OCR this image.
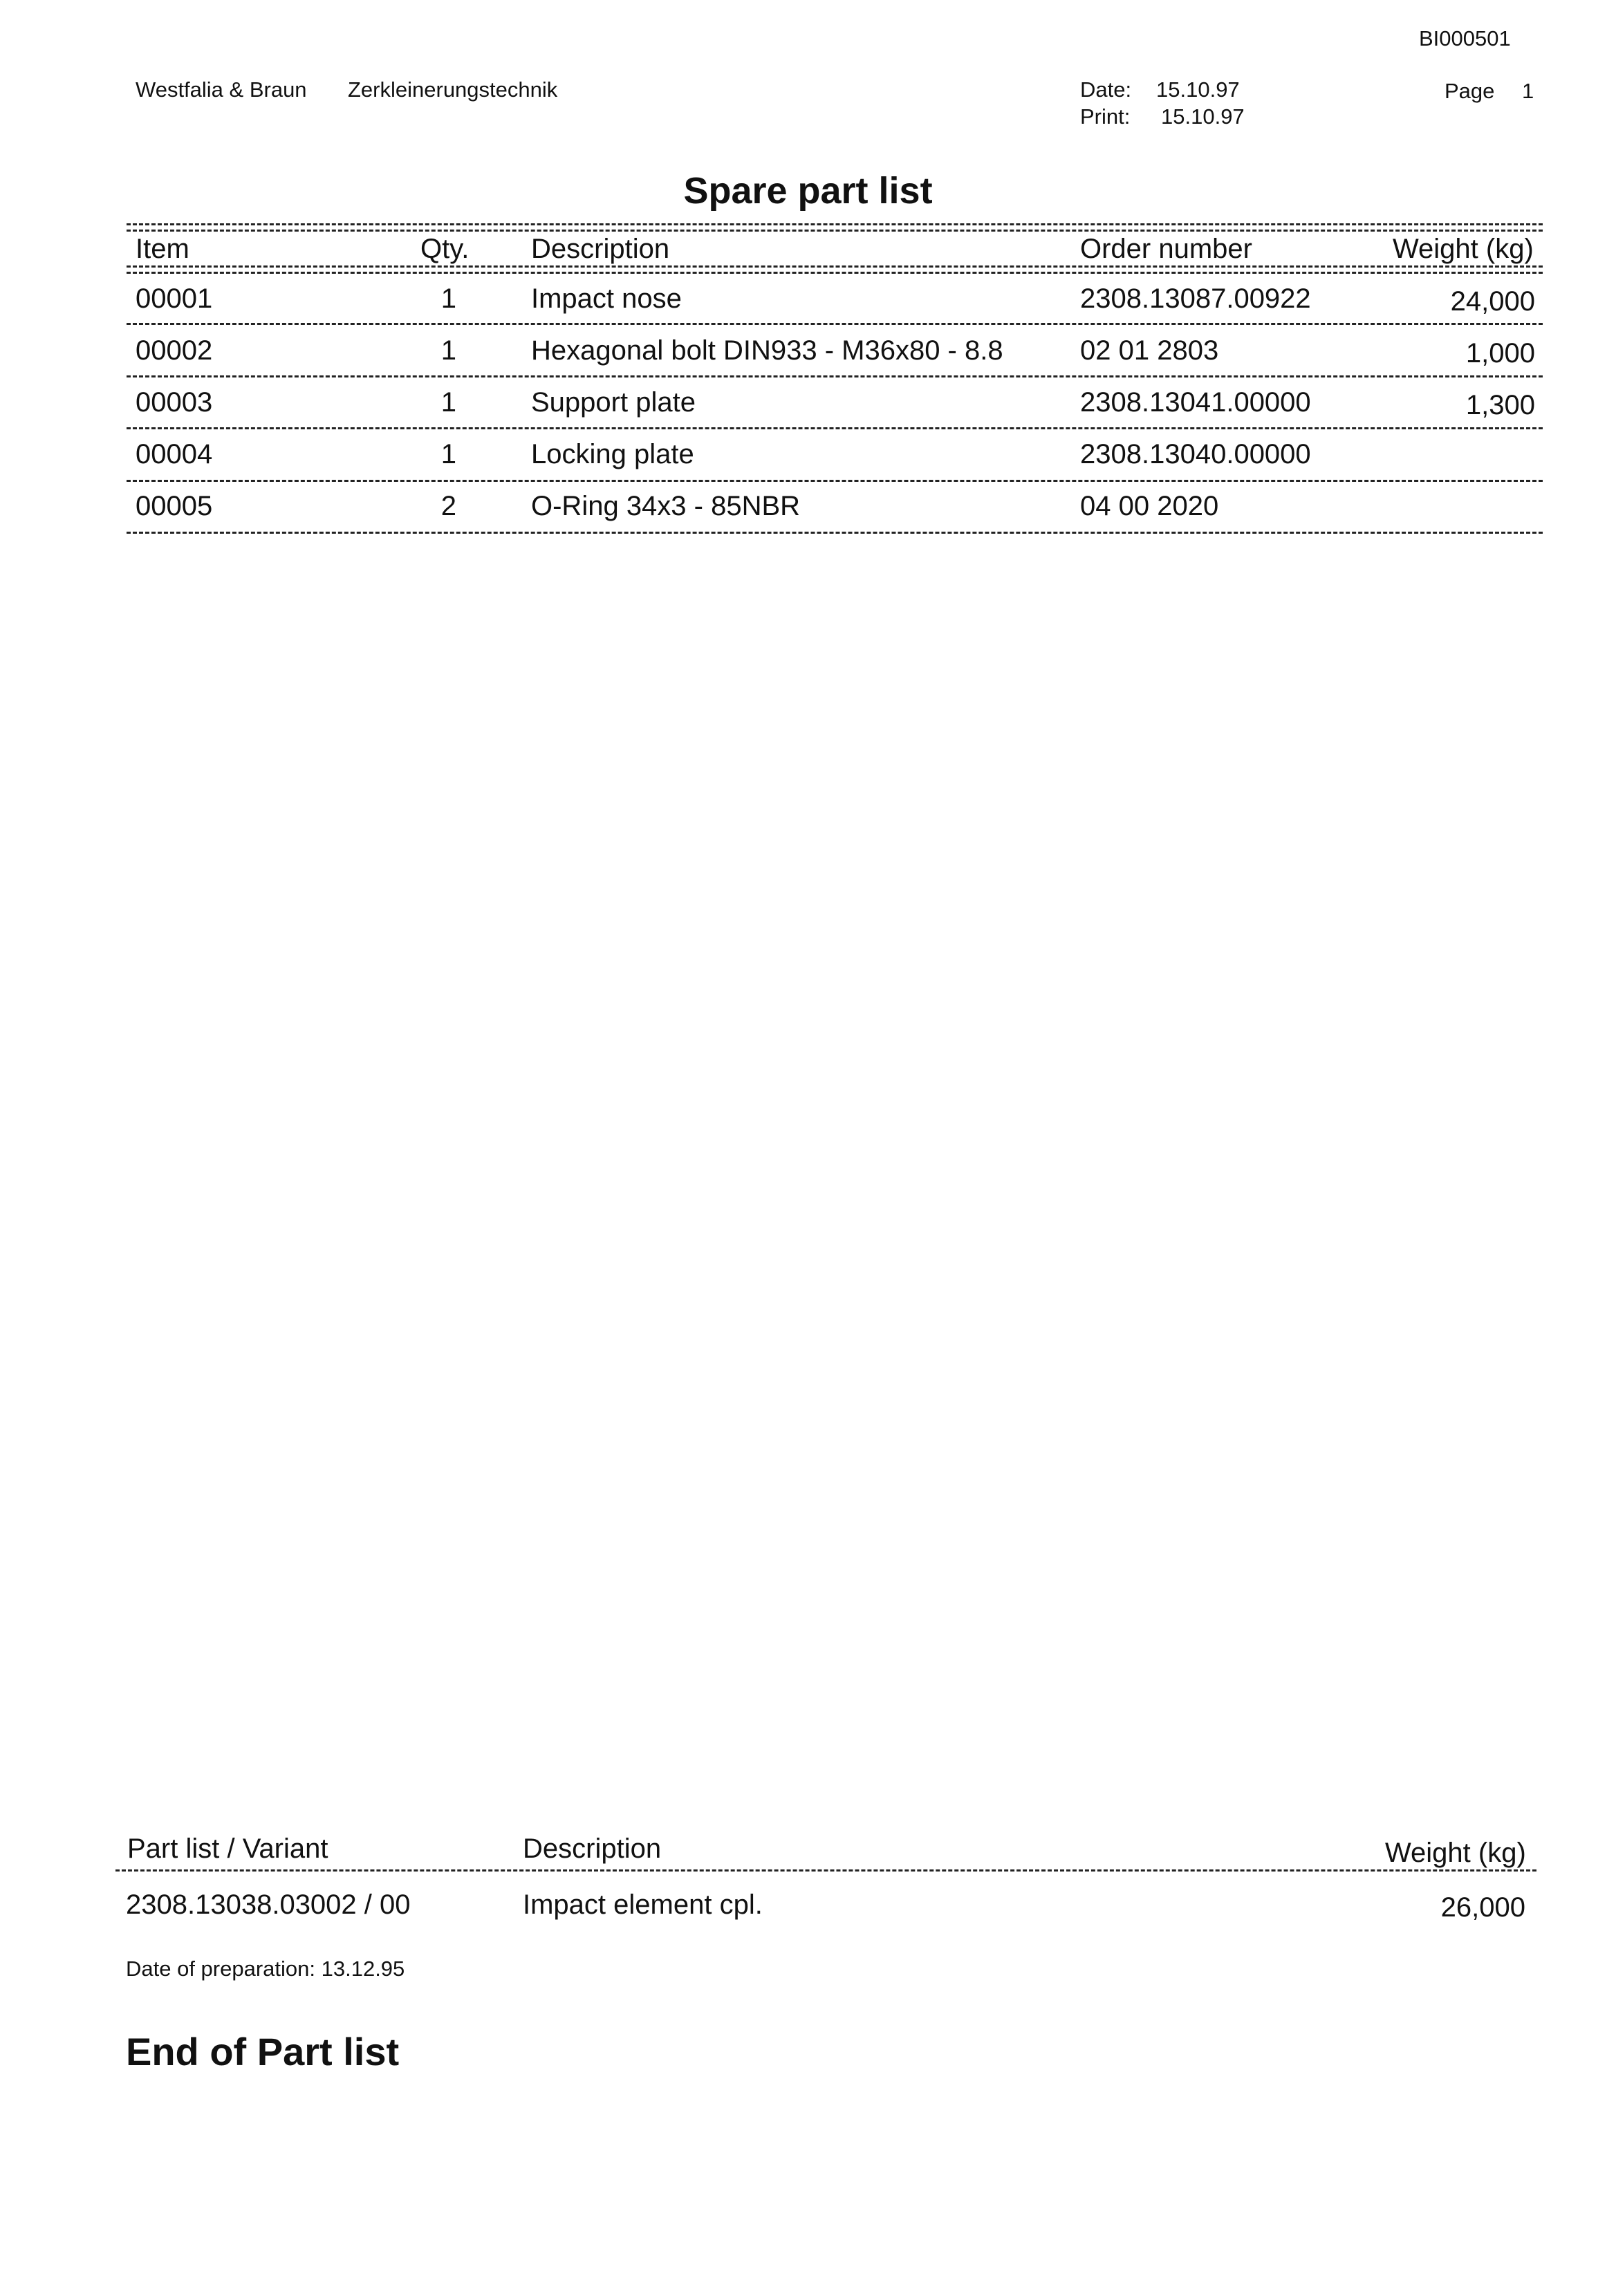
BI000501
Westfalia & Braun Zerkleinerungstechnik	Date: 15.10.97
Print: 15.10.97
Page 1
Spare part list
Item	Qty. Description	Order number	Weight (kg)
00001	1	Impact nose	2308.13087.00922	24,000
00002	1	Hexagonal bolt DIN933 - M36x80 - 8.8	02 01 2803	1,000
00003	1	Support plate	2308.13041.00000	1,300
00004	1	Locking plate	2308.13040.00000
00005	2	O-Ring 34x3 - 85NBR	04 00 2020
Part list / Variant	Description	Weight (kg)
2308.13038.03002 / 00	Impact element cpl.	26,000
Date of preparation: 13.12.95
End of Part list
